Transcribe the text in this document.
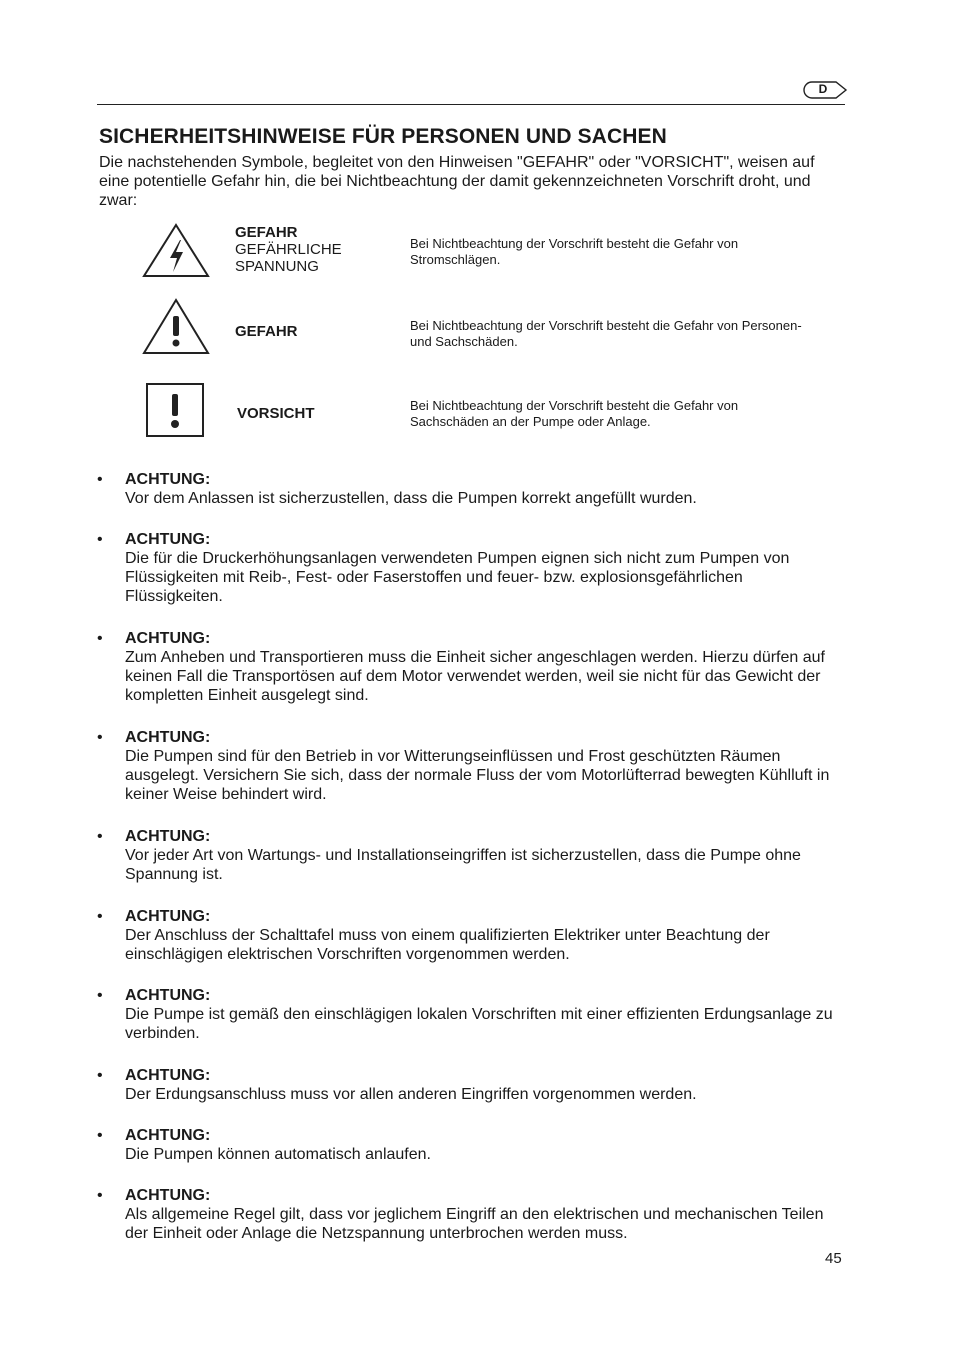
D
SICHERHEITSHINWEISE FÜR PERSONEN UND SACHEN
Die nachstehenden Symbole, begleitet von den Hinweisen "GEFAHR" oder "VORSICHT", weisen auf eine potentielle Gefahr hin, die bei Nichtbeachtung der damit gekennzeichneten Vorschrift droht, und zwar:
GEFAHR
GEFÄHRLICHE SPANNUNG
Bei Nichtbeachtung der Vorschrift besteht die Gefahr von Stromschlägen.
GEFAHR	Bei Nichtbeachtung der Vorschrift besteht die Gefahr von Personen- und Sachschäden.
VORSICHT	Bei Nichtbeachtung der Vorschrift besteht die Gefahr von Sachschäden an der Pumpe oder Anlage.
• ACHTUNG:
Vor dem Anlassen ist sicherzustellen, dass die Pumpen korrekt angefüllt wurden.
• ACHTUNG:
Die für die Druckerhöhungsanlagen verwendeten Pumpen eignen sich nicht zum Pumpen von Flüssigkeiten mit Reib-, Fest- oder Faserstoffen und feuer- bzw. explosionsgefährlichen Flüssigkeiten.
• ACHTUNG:
Zum Anheben und Transportieren muss die Einheit sicher angeschlagen werden. Hierzu dürfen auf keinen Fall die Transportösen auf dem Motor verwendet werden, weil sie nicht für das Gewicht der kompletten Einheit ausgelegt sind.
• ACHTUNG:
Die Pumpen sind für den Betrieb in vor Witterungseinflüssen und Frost geschützten Räumen ausgelegt. Versichern Sie sich, dass der normale Fluss der vom Motorlüfterrad bewegten Kühlluft in keiner Weise behindert wird.
• ACHTUNG:
Vor jeder Art von Wartungs- und Installationseingriffen ist sicherzustellen, dass die Pumpe ohne Spannung ist.
• ACHTUNG:
Der Anschluss der Schalttafel muss von einem qualifizierten Elektriker unter Beachtung der einschlägigen elektrischen Vorschriften vorgenommen werden.
• ACHTUNG:
Die Pumpe ist gemäß den einschlägigen lokalen Vorschriften mit einer effizienten Erdungsanlage zu verbinden.
• ACHTUNG:
Der Erdungsanschluss muss vor allen anderen Eingriffen vorgenommen werden.
• ACHTUNG:
Die Pumpen können automatisch anlaufen.
• ACHTUNG:
Als allgemeine Regel gilt, dass vor jeglichem Eingriff an den elektrischen und mechanischen Teilen der Einheit oder Anlage die Netzspannung unterbrochen werden muss.
45
